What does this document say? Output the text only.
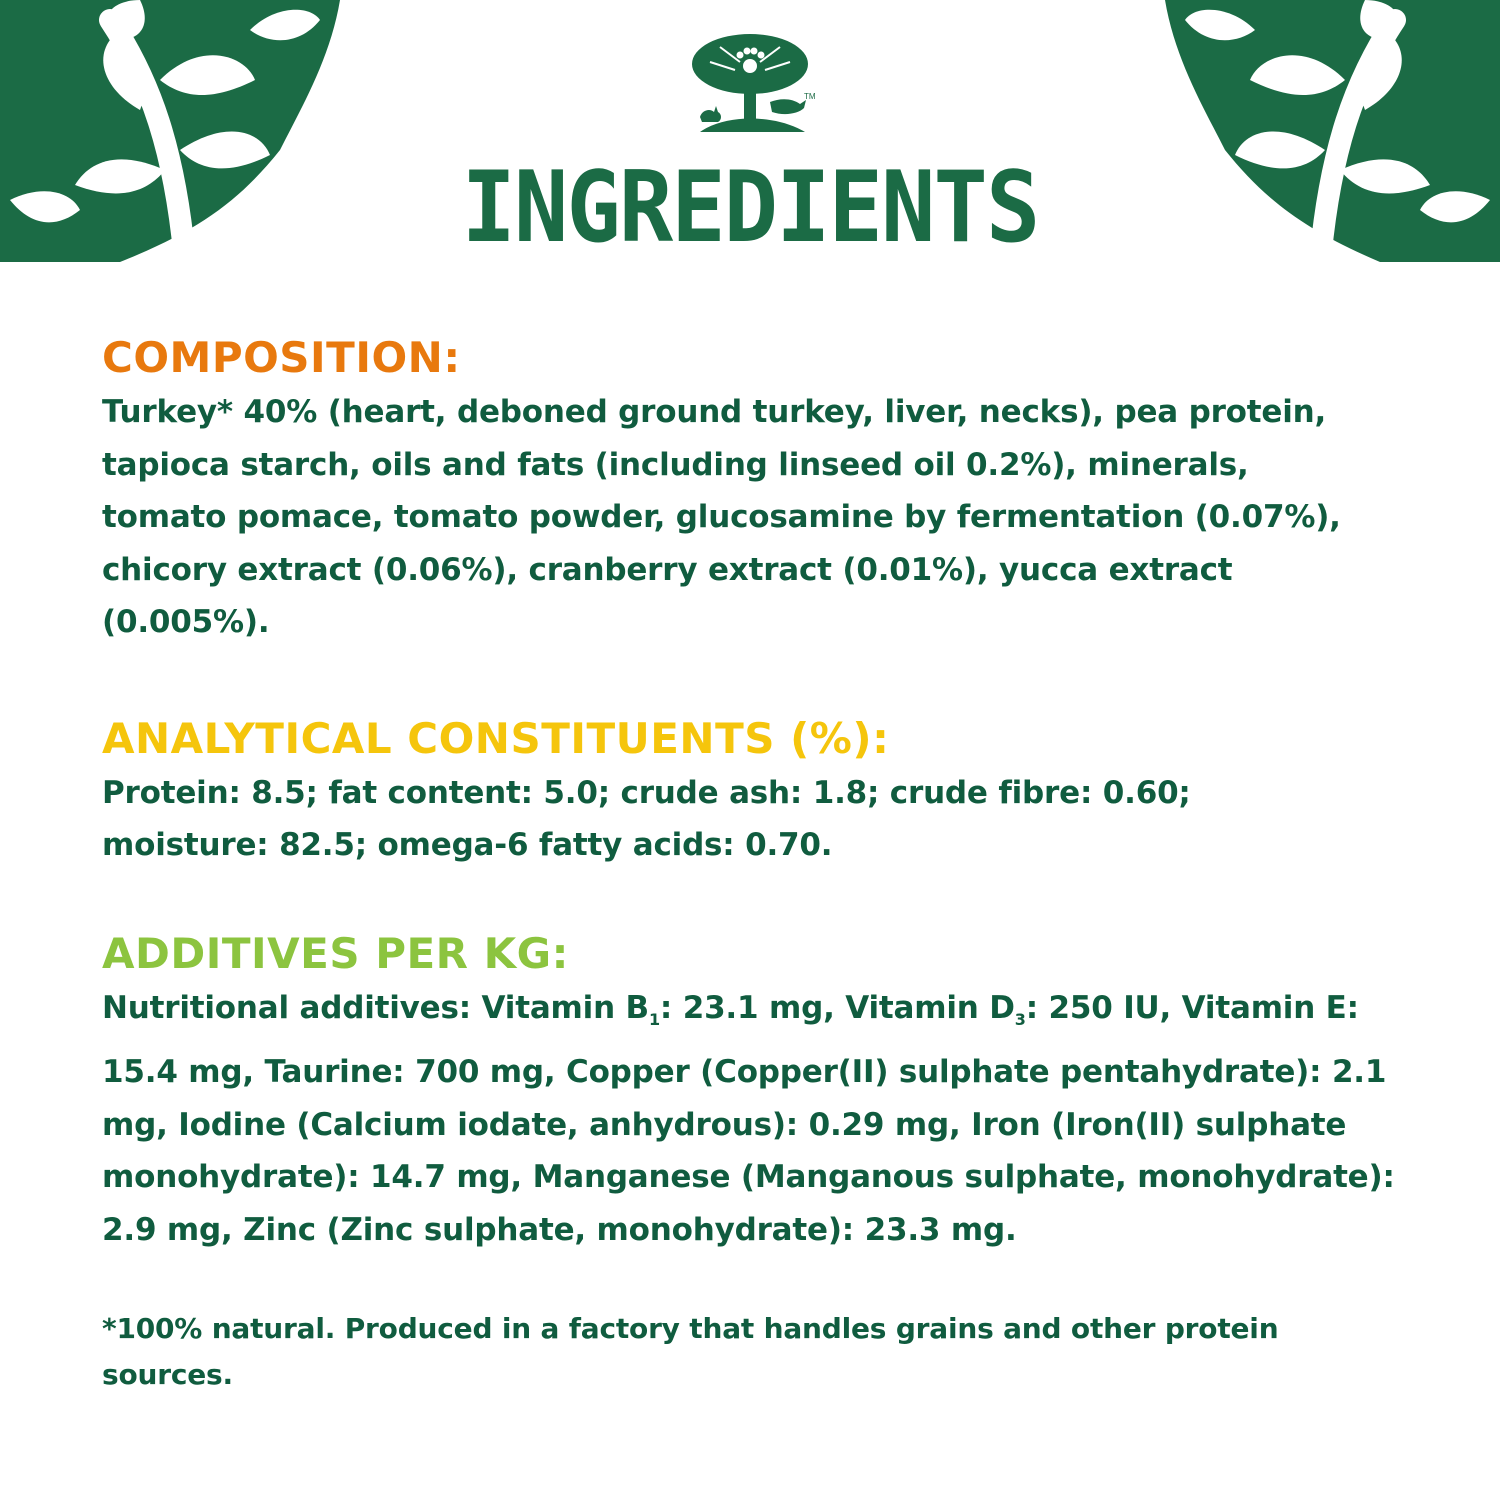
TM
INGREDIENTS
COMPOSITION:

Turkey* 40% (heart, deboned ground turkey, liver, necks), pea protein, tapioca starch, oils and fats (including linseed oil 0.2%), minerals, tomato pomace, tomato powder, glucosamine by fermentation (0.07%), chicory extract (0.06%), cranberry extract (0.01%), yucca extract (0.005%).

ANALYTICAL CONSTITUENTS (%):

Protein: 8.5; fat content: 5.0; crude ash: 1.8; crude fibre: 0.60; moisture: 82.5; omega-6 fatty acids: 0.70.

ADDITIVES PER KG:

Nutritional additives: Vitamin $B_1$: 23.1 mg, Vitamin $D_3$: 250 IU, Vitamin E: 15.4 mg, Taurine: 700 mg, Copper (Copper(II) sulphate pentahydrate): 2.1 mg, Iodine (Calcium iodate, anhydrous): 0.29 mg, Iron (Iron(II) sulphate monohydrate): 14.7 mg, Manganese (Manganous sulphate, monohydrate): 2.9 mg, Zinc (Zinc sulphate, monohydrate): 23.3 mg.

*100% natural. Produced in a factory that handles grains and other protein sources.
